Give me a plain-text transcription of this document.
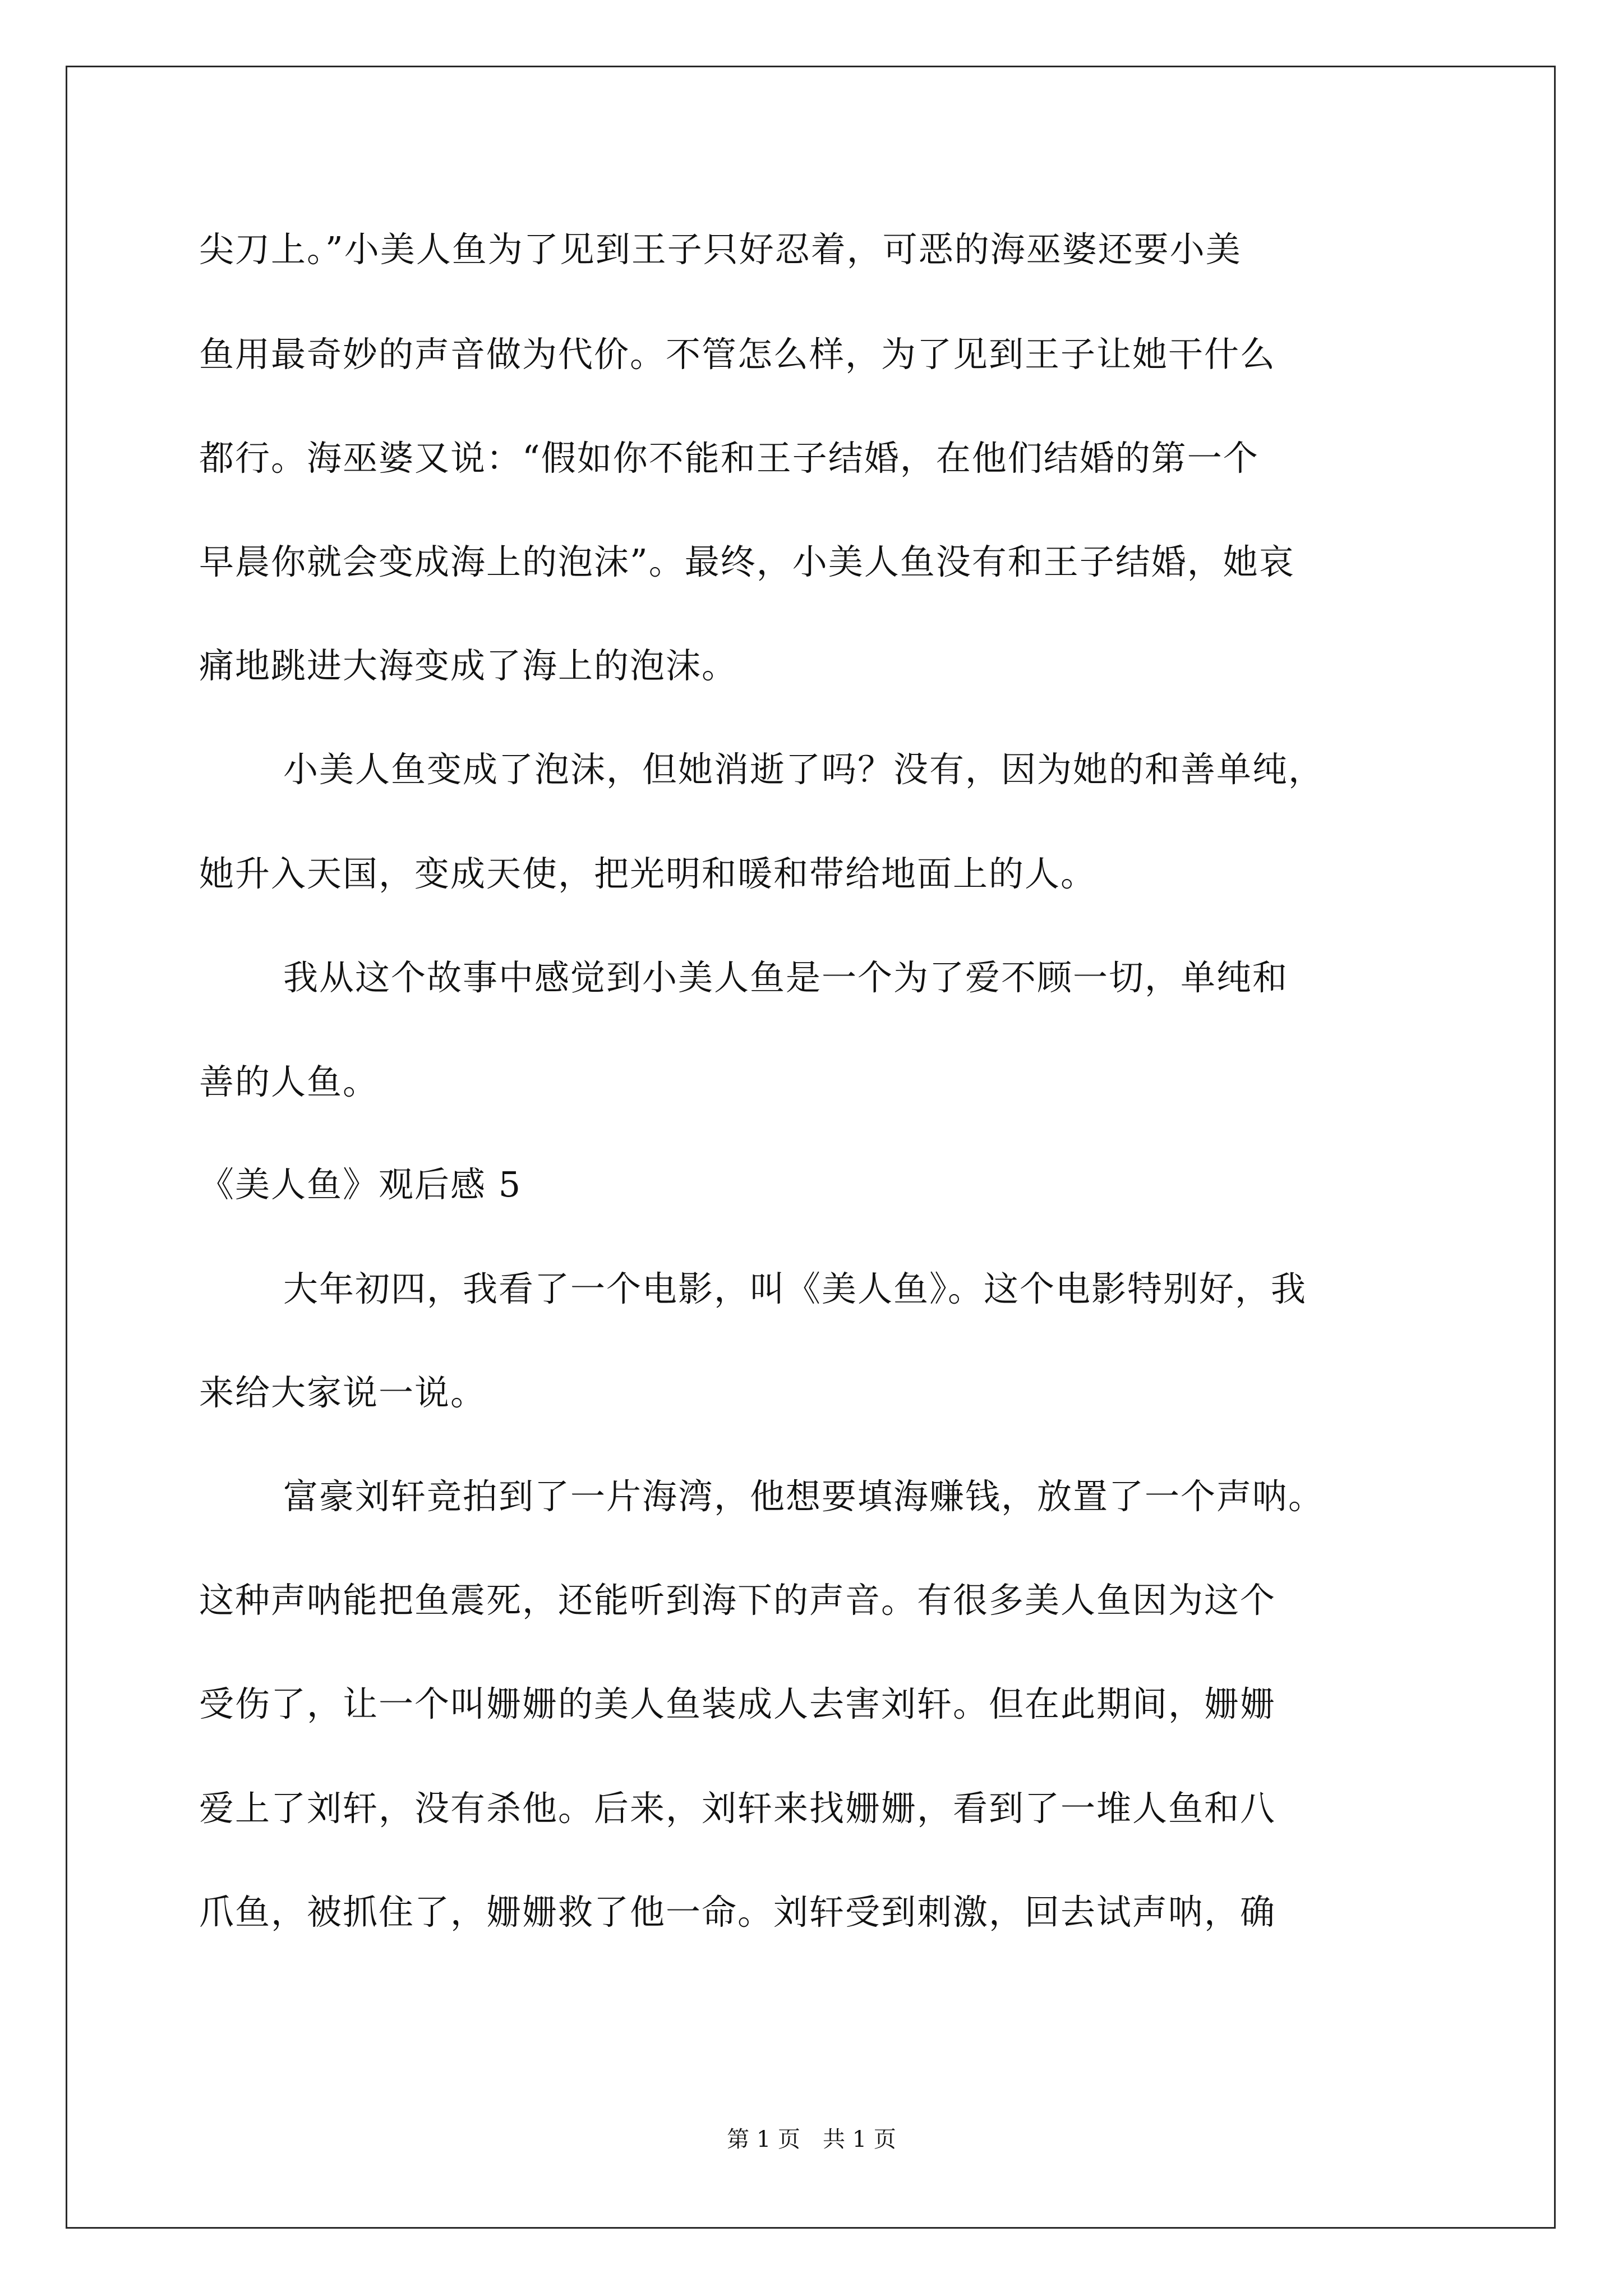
尖刀上。”小美人鱼为了见到王子只好忍着，可恶的海巫婆还要小美
鱼用最奇妙的声音做为代价。不管怎么样，为了见到王子让她干什么
都行。海巫婆又说：“假如你不能和王子结婚，在他们结婚的第一个
早晨你就会变成海上的泡沫”。最终，小美人鱼没有和王子结婚，她哀
痛地跳进大海变成了海上的泡沫。
小美人鱼变成了泡沫，但她消逝了吗？没有，因为她的和善单纯，
她升入天国，变成天使，把光明和暖和带给地面上的人。
我从这个故事中感觉到小美人鱼是一个为了爱不顾一切，单纯和
善的人鱼。
《美人鱼》观后感 5
大年初四，我看了一个电影，叫《美人鱼》。这个电影特别好，我
来给大家说一说。
富豪刘轩竞拍到了一片海湾，他想要填海赚钱，放置了一个声呐。
这种声呐能把鱼震死，还能听到海下的声音。有很多美人鱼因为这个
受伤了，让一个叫姗姗的美人鱼装成人去害刘轩。但在此期间，姗姗
爱上了刘轩，没有杀他。后来，刘轩来找姗姗，看到了一堆人鱼和八
爪鱼，被抓住了，姗姗救了他一命。刘轩受到刺激，回去试声呐，确
第 1 页　共 1 页
